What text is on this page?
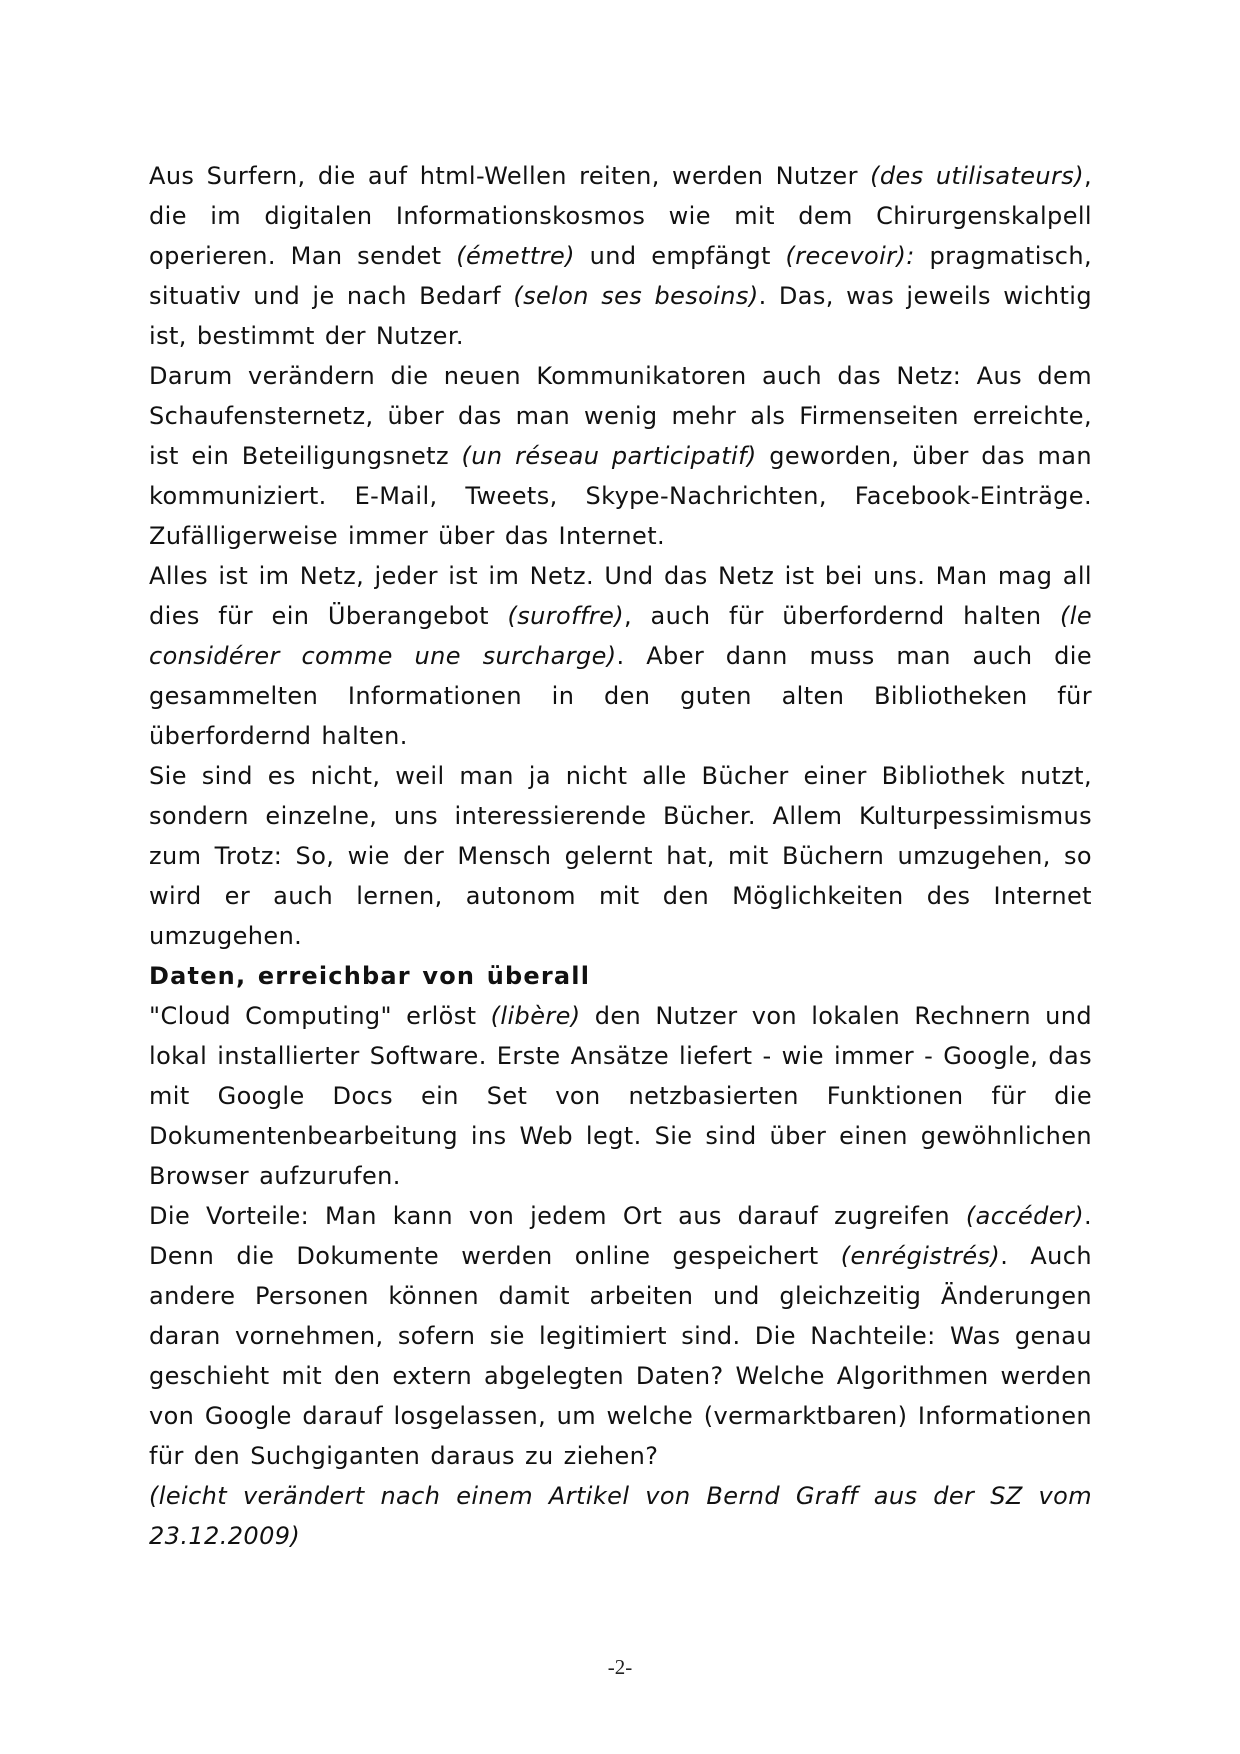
Aus Surfern, die auf html-Wellen reiten, werden Nutzer (des utilisateurs), die im digitalen Informationskosmos wie mit dem Chirurgenskalpell operieren. Man sendet (émettre) und empfängt (recevoir): pragmatisch, situativ und je nach Bedarf (selon ses besoins). Das, was jeweils wichtig ist, bestimmt der Nutzer.

Darum verändern die neuen Kommunikatoren auch das Netz: Aus dem Schaufensternetz, über das man wenig mehr als Firmenseiten erreichte, ist ein Beteiligungsnetz (un réseau participatif) geworden, über das man kommuniziert. E-Mail, Tweets, Skype-Nachrichten, Facebook-Einträge. Zufälligerweise immer über das Internet.

Alles ist im Netz, jeder ist im Netz. Und das Netz ist bei uns. Man mag all dies für ein Überangebot (suroffre), auch für überfordernd halten (le considérer comme une surcharge). Aber dann muss man auch die gesammelten Informationen in den guten alten Bibliotheken für überfordernd halten.

Sie sind es nicht, weil man ja nicht alle Bücher einer Bibliothek nutzt, sondern einzelne, uns interessierende Bücher. Allem Kulturpessimismus zum Trotz: So, wie der Mensch gelernt hat, mit Büchern umzugehen, so wird er auch lernen, autonom mit den Möglichkeiten des Internet umzugehen.

Daten, erreichbar von überall

"Cloud Computing" erlöst (libère) den Nutzer von lokalen Rechnern und lokal installierter Software. Erste Ansätze liefert - wie immer - Google, das mit Google Docs ein Set von netzbasierten Funktionen für die Dokumentenbearbeitung ins Web legt. Sie sind über einen gewöhnlichen Browser aufzurufen.

Die Vorteile: Man kann von jedem Ort aus darauf zugreifen (accéder). Denn die Dokumente werden online gespeichert (enrégistrés). Auch andere Personen können damit arbeiten und gleichzeitig Änderungen daran vornehmen, sofern sie legitimiert sind. Die Nachteile: Was genau geschieht mit den extern abgelegten Daten? Welche Algorithmen werden von Google darauf losgelassen, um welche (vermarktbaren) Informationen für den Suchgiganten daraus zu ziehen?

(leicht verändert nach einem Artikel von Bernd Graff aus der SZ vom 23.12.2009)

-2-
